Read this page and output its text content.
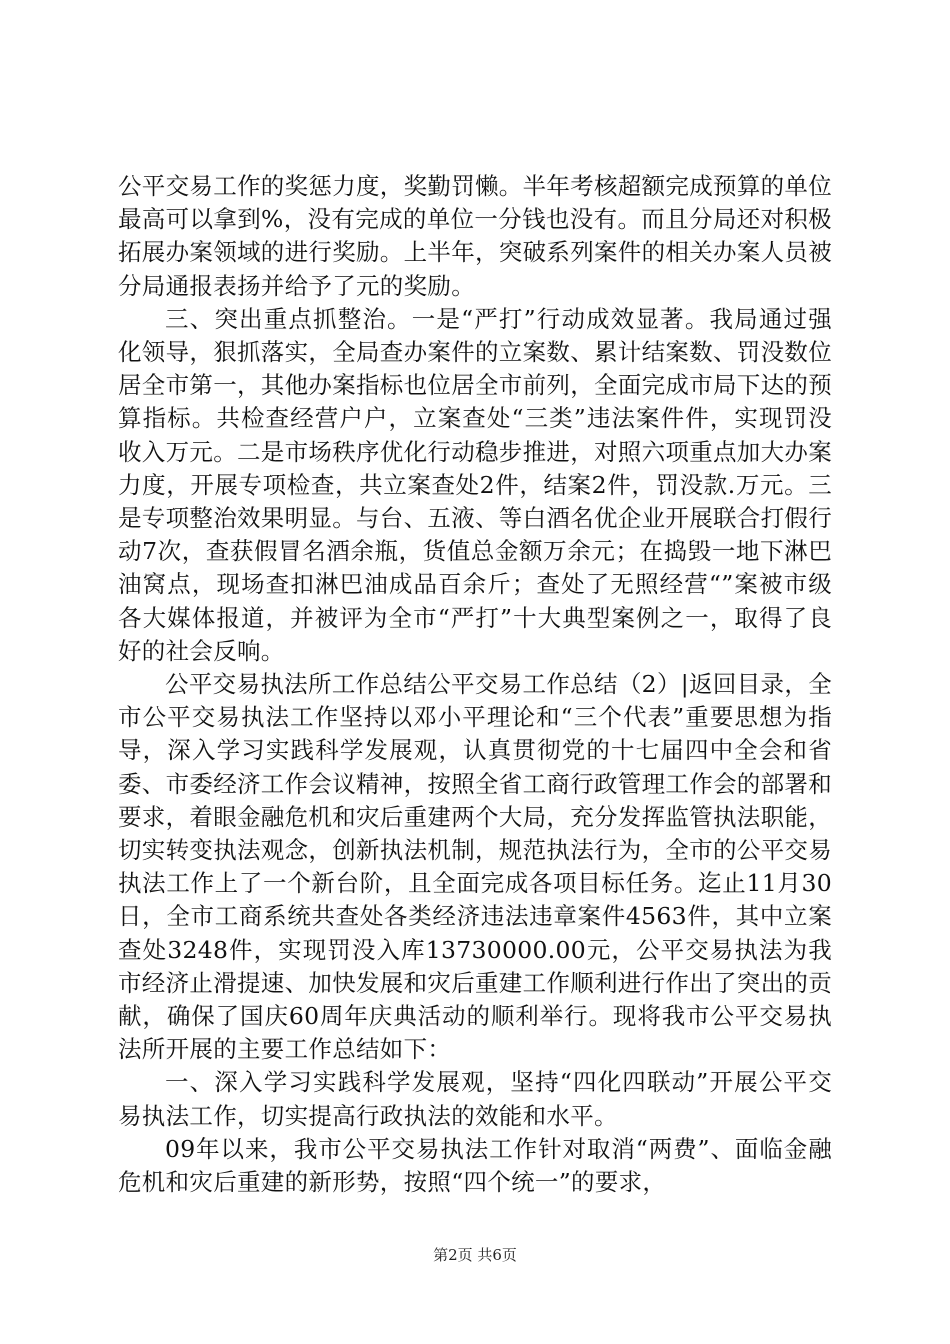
公平交易工作的奖惩力度，奖勤罚懒。半年考核超额完成预算的单位最高可以拿到%，没有完成的单位一分钱也没有。而且分局还对积极拓展办案领域的进行奖励。上半年，突破系列案件的相关办案人员被分局通报表扬并给予了元的奖励。

三、突出重点抓整治。一是“严打”行动成效显著。我局通过强化领导，狠抓落实，全局查办案件的立案数、累计结案数、罚没数位居全市第一，其他办案指标也位居全市前列，全面完成市局下达的预算指标。共检查经营户户，立案查处“三类”违法案件件，实现罚没收入万元。二是市场秩序优化行动稳步推进，对照六项重点加大办案力度，开展专项检查，共立案查处2件，结案2件，罚没款.万元。三是专项整治效果明显。与台、五液、等白酒名优企业开展联合打假行动7次，查获假冒名酒余瓶，货值总金额万余元；在捣毁一地下淋巴油窝点，现场查扣淋巴油成品百余斤；查处了无照经营“”案被市级各大媒体报道，并被评为全市“严打”十大典型案例之一，取得了良好的社会反响。

公平交易执法所工作总结公平交易工作总结（2）|返回目录，全市公平交易执法工作坚持以邓小平理论和“三个代表”重要思想为指导，深入学习实践科学发展观，认真贯彻党的十七届四中全会和省委、市委经济工作会议精神，按照全省工商行政管理工作会的部署和要求，着眼金融危机和灾后重建两个大局，充分发挥监管执法职能，切实转变执法观念，创新执法机制，规范执法行为，全市的公平交易执法工作上了一个新台阶，且全面完成各项目标任务。迄止11月30日，全市工商系统共查处各类经济违法违章案件4563件，其中立案查处3248件，实现罚没入库13730000.00元，公平交易执法为我市经济止滑提速、加快发展和灾后重建工作顺利进行作出了突出的贡献，确保了国庆60周年庆典活动的顺利举行。现将我市公平交易执法所开展的主要工作总结如下：

一、深入学习实践科学发展观，坚持“四化四联动”开展公平交易执法工作，切实提高行政执法的效能和水平。

09年以来，我市公平交易执法工作针对取消“两费”、面临金融危机和灾后重建的新形势，按照“四个统一”的要求，

第2页 共6页
